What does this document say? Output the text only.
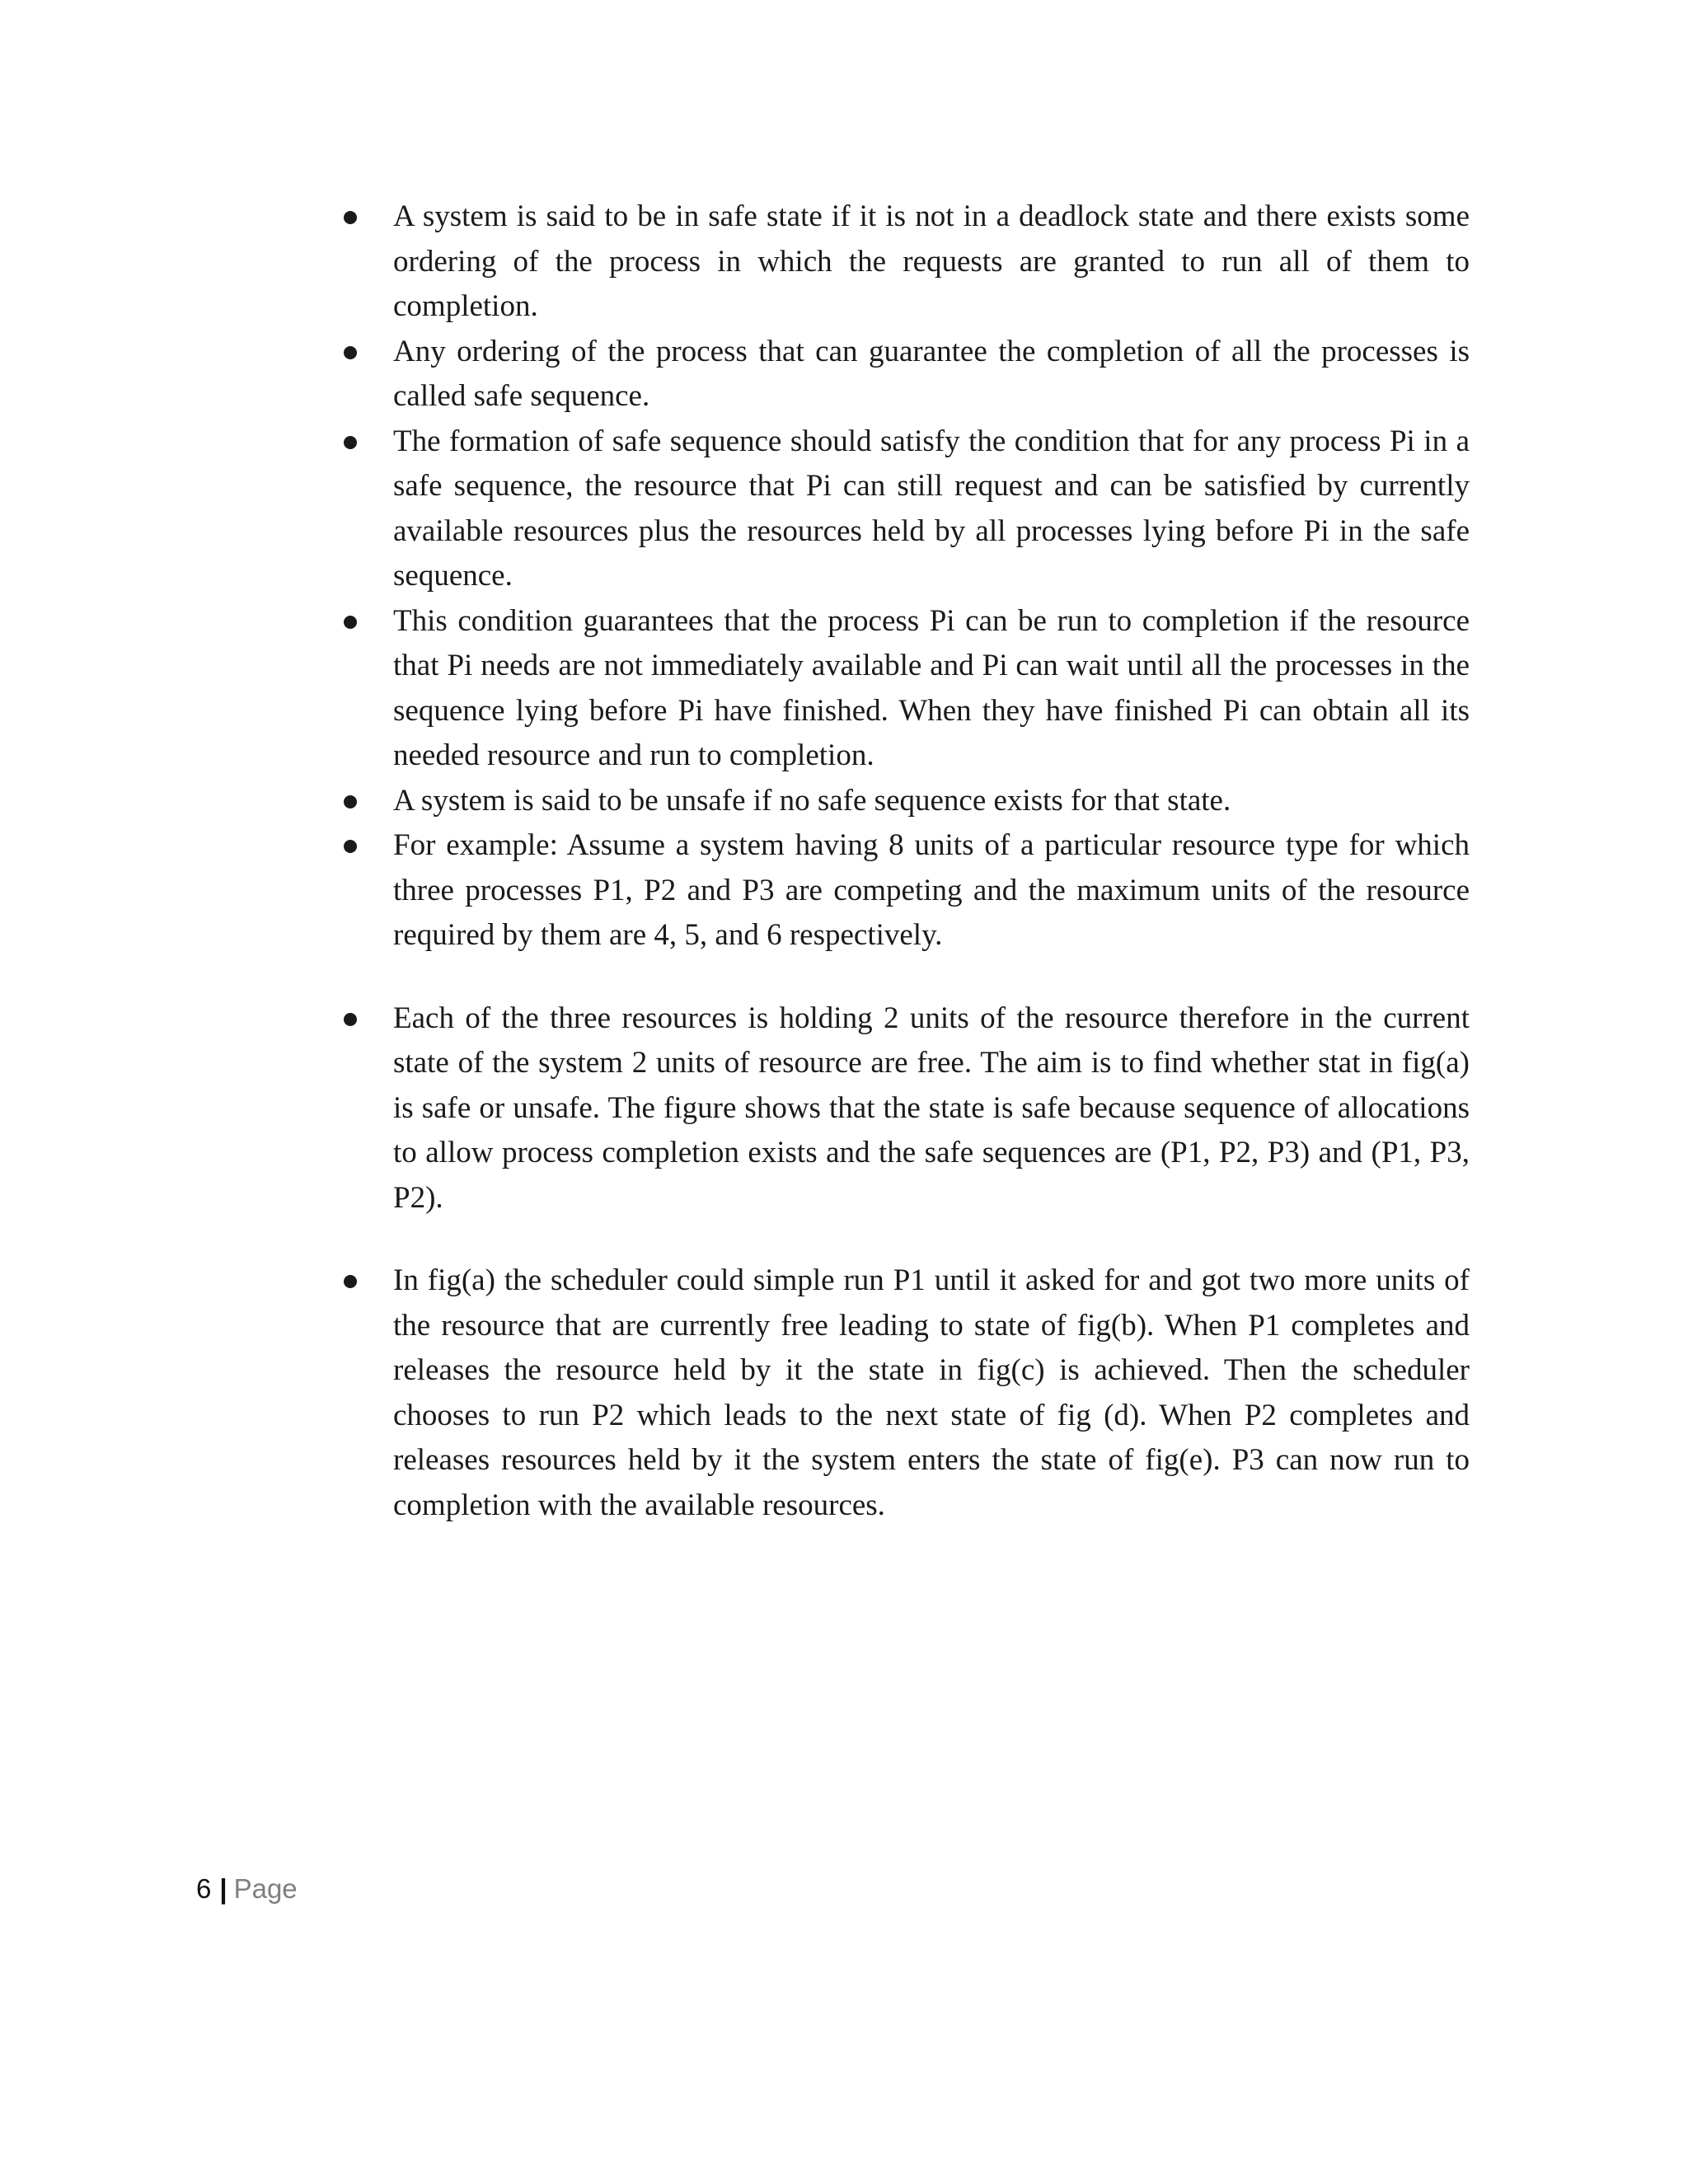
A system is said to be in safe state if it is not in a deadlock state and there exists some ordering of the process in which the requests are granted to run all of them to completion.
Any ordering of the process that can guarantee the completion of all the processes is called safe sequence.
The formation of safe sequence should satisfy the condition that for any process Pi in a safe sequence, the resource that Pi can still request and can be satisfied by currently available resources plus the resources held by all processes lying before Pi in the safe sequence.
This condition guarantees that the process Pi can be run to completion if the resource that Pi needs are not immediately available and Pi can wait until all the processes in the sequence lying before Pi have finished. When they have finished Pi can obtain all its needed resource and run to completion.
A system is said to be unsafe if no safe sequence exists for that state.
For example: Assume a system having 8 units of a particular resource type for which three processes P1, P2 and P3 are competing and the maximum units of the resource required by them are 4, 5, and 6 respectively.
Each of the three resources is holding 2 units of the resource therefore in the current state of the system 2 units of resource are free. The aim is to find whether stat in fig(a) is safe or unsafe. The figure shows that the state is safe because sequence of allocations to allow process completion exists and the safe sequences are (P1, P2, P3) and (P1, P3, P2).
In fig(a) the scheduler could simple run P1 until it asked for and got two more units of the resource that are currently free leading to state of fig(b). When P1 completes and releases the resource held by it the state in fig(c) is achieved. Then the scheduler chooses to run P2 which leads to the next state of fig (d). When P2 completes and releases resources held by it the system enters the state of fig(e). P3 can now run to completion with the available resources.
6 | Page
